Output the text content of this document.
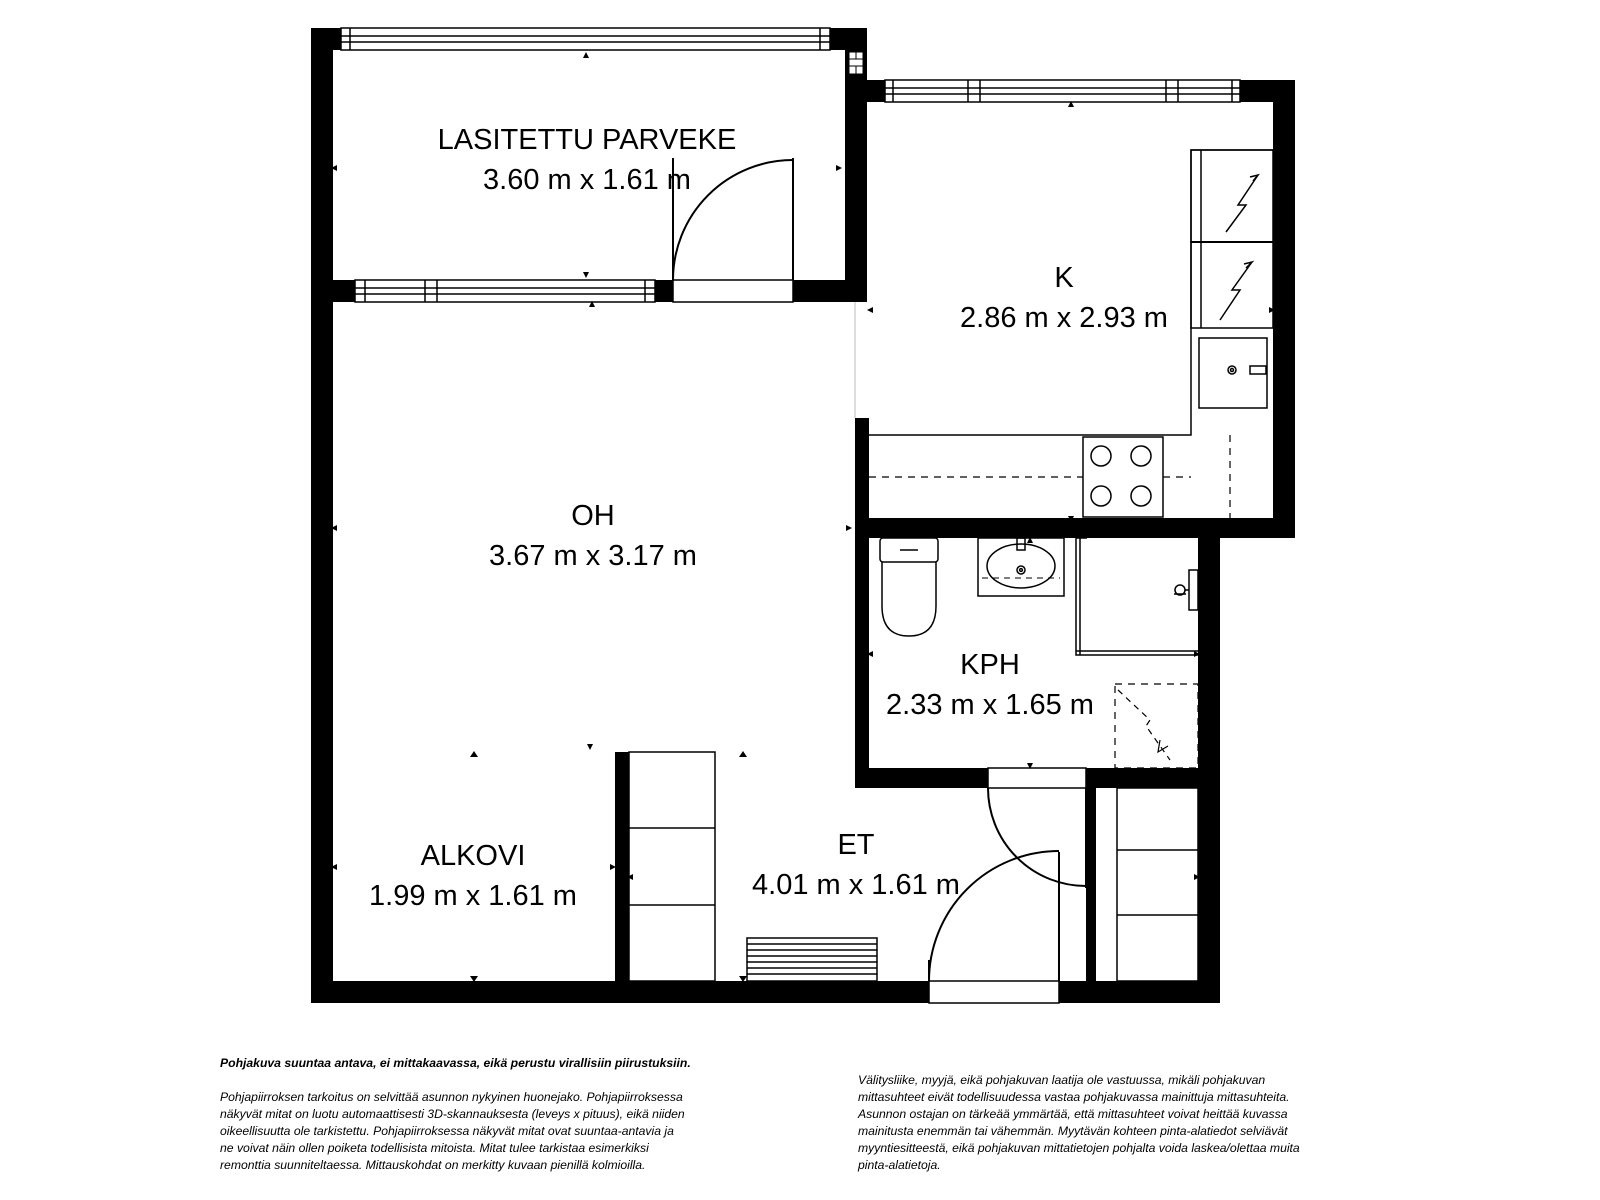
LASITETTU PARVEKE
3.60 m x 1.61 m
K
2.86 m x 2.93 m
OH
3.67 m x 3.17 m
KPH
2.33 m x 1.65 m
ALKOVI
1.99 m x 1.61 m
ET
4.01 m x 1.61 m

Pohjakuva suuntaa antava, ei mittakaavassa, eikä perustu virallisiin piirustuksiin.

Pohjapiirroksen tarkoitus on selvittää asunnon nykyinen huonejako. Pohjapiirroksessa

näkyvät mitat on luotu automaattisesti 3D-skannauksesta (leveys x pituus), eikä niiden

oikeellisuutta ole tarkistettu. Pohjapiirroksessa näkyvät mitat ovat suuntaa-antavia ja

ne voivat näin ollen poiketa todellisista mitoista. Mitat tulee tarkistaa esimerkiksi

remonttia suunniteltaessa. Mittauskohdat on merkitty kuvaan pienillä kolmioilla.

Välitysliike, myyjä, eikä pohjakuvan laatija ole vastuussa, mikäli pohjakuvan

mittasuhteet eivät todellisuudessa vastaa pohjakuvassa mainittuja mittasuhteita.

Asunnon ostajan on tärkeää ymmärtää, että mittasuhteet voivat heittää kuvassa

mainitusta enemmän tai vähemmän. Myytävän kohteen pinta-alatiedot selviävät

myyntiesitteestä, eikä pohjakuvan mittatietojen pohjalta voida laskea/olettaa muita

pinta-alatietoja.
